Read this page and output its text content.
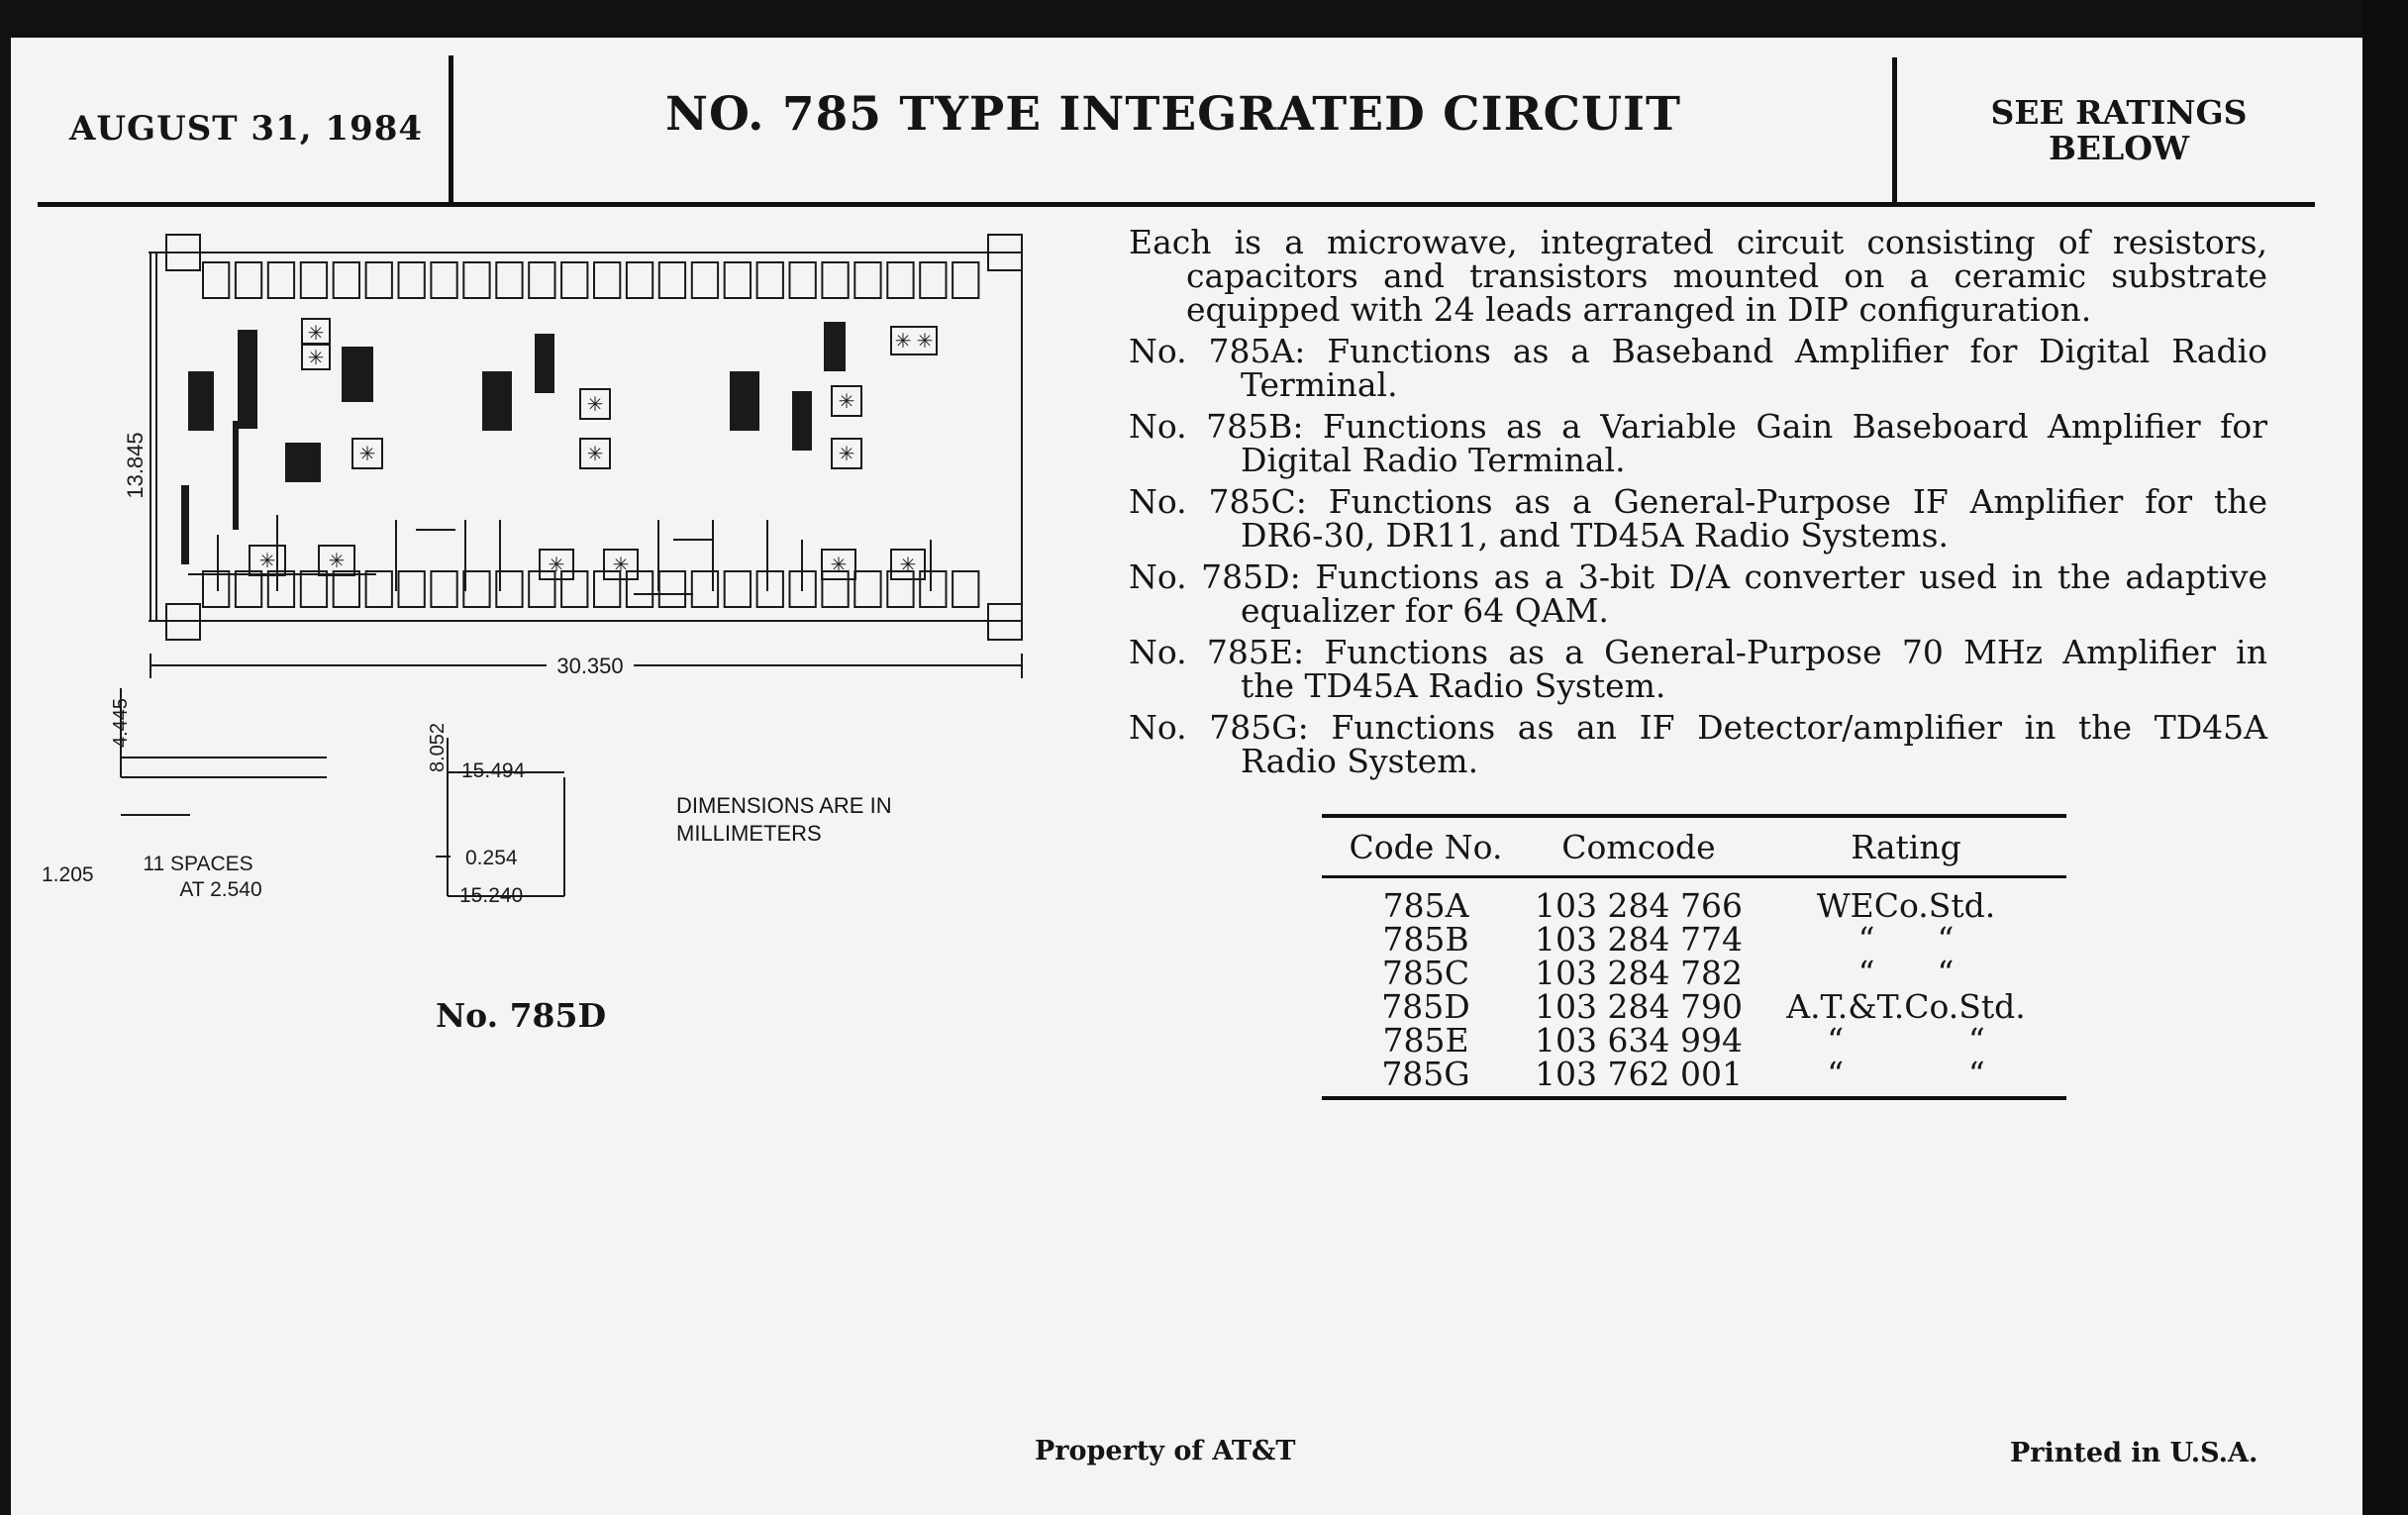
AUGUST 31, 1984	NO. 785 TYPE INTEGRATED CIRCUIT	SEE RATINGS
BELOW
Each is a microwave, integrated circuit consisting of resistors,
capacitors and transistors mounted on a ceramic substrate
equipped with 24 leads arranged in DIP configuration.
No. 785A: Functions as a Baseband Amplifier for Digital Radio
Terminal.
No. 785B: Functions as a Variable Gain Baseboard Amplifier for
Digital Radio Terminal.
No. 785C: Functions as a General-Purpose IF Amplifier for the
DR6-30, DR11, and TD45A Radio Systems.
No. 785D: Functions as a 3-bit D/A converter used in the adaptive
equalizer for 64 QAM.
No. 785E: Functions as a General-Purpose 70 MHz Amplifier in
the TD45A Radio System.
No. 785G: Functions as an IF Detector/amplifier in the TD45A
Radio System.
Code No.	Comcode	Rating
785A	103 284 766	WECo.Std.
785B	103 284 774	“      “
785C	103 284 782	“      “
785D	103 284 790	A.T.&T.Co.Std.
785E	103 634 994	“            “
785G	103 762 001	“            “
✳
✳
✳
✳	✳	✳
✳
✳
✳
✳
✳
✳ ✳
✳	✳
13.845
30.350
4.445
1.205 11 SPACES
AT 2.540
8.052 15.494
0.254
15.240
DIMENSIONS ARE IN
MILLIMETERS
No. 785D
Property of AT&T	Printed in U.S.A.
